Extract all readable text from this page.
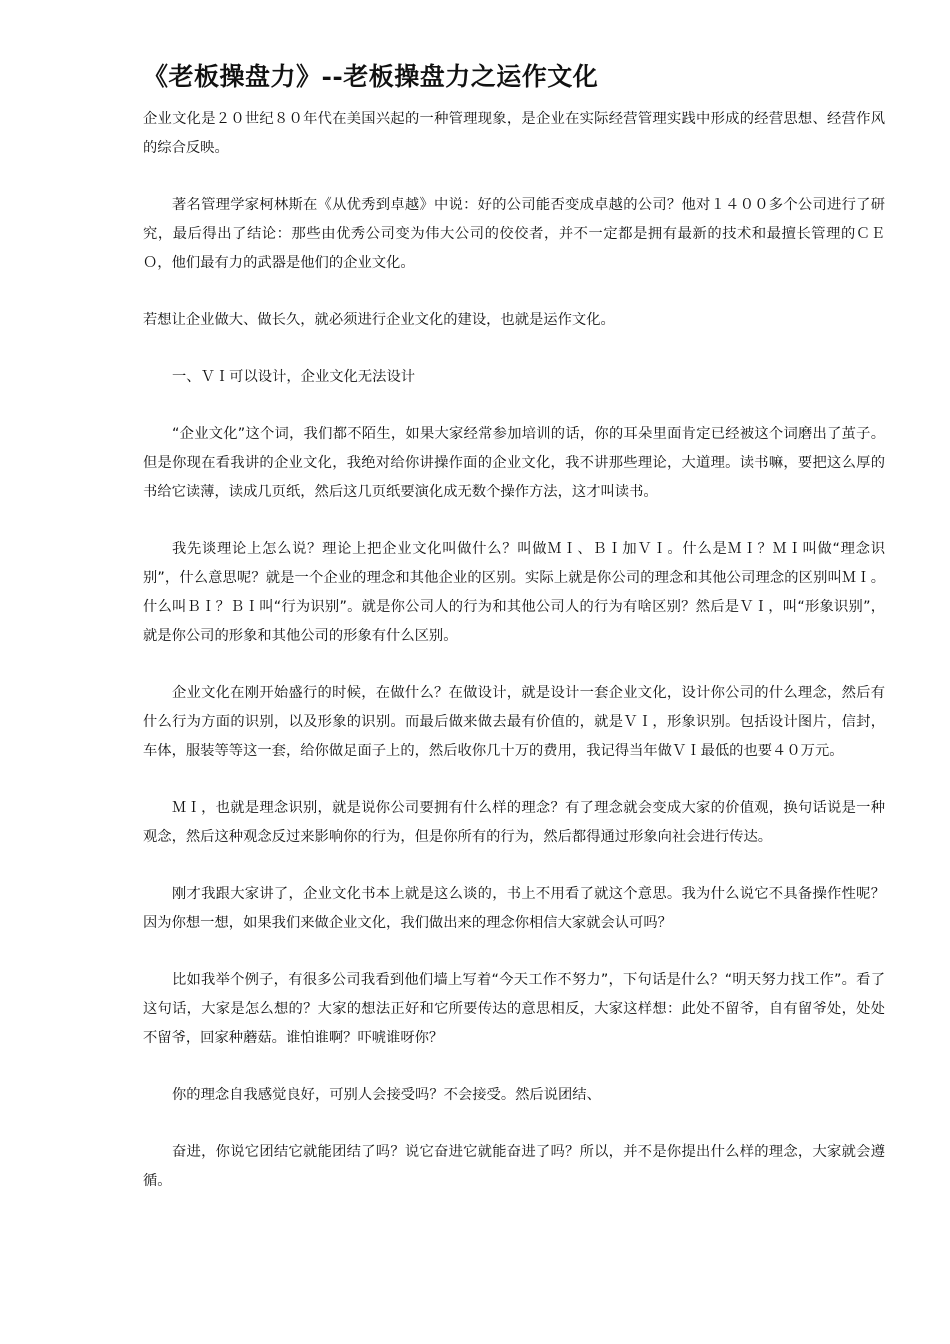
《老板操盘力》--老板操盘力之运作文化

企业文化是２０世纪８０年代在美国兴起的一种管理现象，是企业在实际经营管理实践中形成的经营思想、经营作风的综合反映。

著名管理学家柯林斯在《从优秀到卓越》中说：好的公司能否变成卓越的公司？他对１４００多个公司进行了研究，最后得出了结论：那些由优秀公司变为伟大公司的佼佼者，并不一定都是拥有最新的技术和最擅长管理的ＣＥＯ，他们最有力的武器是他们的企业文化。

若想让企业做大、做长久，就必须进行企业文化的建设，也就是运作文化。

一、ＶＩ可以设计，企业文化无法设计

“企业文化”这个词，我们都不陌生，如果大家经常参加培训的话，你的耳朵里面肯定已经被这个词磨出了茧子。但是你现在看我讲的企业文化，我绝对给你讲操作面的企业文化，我不讲那些理论，大道理。读书嘛，要把这么厚的书给它读薄，读成几页纸，然后这几页纸要演化成无数个操作方法，这才叫读书。

我先谈理论上怎么说？理论上把企业文化叫做什么？叫做ＭＩ、ＢＩ加ＶＩ。什么是ＭＩ？ＭＩ叫做“理念识别”，什么意思呢？就是一个企业的理念和其他企业的区别。实际上就是你公司的理念和其他公司理念的区别叫ＭＩ。什么叫ＢＩ？ＢＩ叫“行为识别”。就是你公司人的行为和其他公司人的行为有啥区别？然后是ＶＩ，叫“形象识别”，就是你公司的形象和其他公司的形象有什么区别。

企业文化在刚开始盛行的时候，在做什么？在做设计，就是设计一套企业文化，设计你公司的什么理念，然后有什么行为方面的识别，以及形象的识别。而最后做来做去最有价值的，就是ＶＩ，形象识别。包括设计图片，信封，车体，服装等等这一套，给你做足面子上的，然后收你几十万的费用，我记得当年做ＶＩ最低的也要４０万元。

ＭＩ，也就是理念识别，就是说你公司要拥有什么样的理念？有了理念就会变成大家的价值观，换句话说是一种观念，然后这种观念反过来影响你的行为，但是你所有的行为，然后都得通过形象向社会进行传达。

刚才我跟大家讲了，企业文化书本上就是这么谈的，书上不用看了就这个意思。我为什么说它不具备操作性呢？因为你想一想，如果我们来做企业文化，我们做出来的理念你相信大家就会认可吗？

比如我举个例子，有很多公司我看到他们墙上写着“今天工作不努力”，下句话是什么？“明天努力找工作”。看了这句话，大家是怎么想的？大家的想法正好和它所要传达的意思相反，大家这样想：此处不留爷，自有留爷处，处处不留爷，回家种蘑菇。谁怕谁啊？吓唬谁呀你？

你的理念自我感觉良好，可别人会接受吗？不会接受。然后说团结、

奋进，你说它团结它就能团结了吗？说它奋进它就能奋进了吗？所以，并不是你提出什么样的理念，大家就会遵循。
